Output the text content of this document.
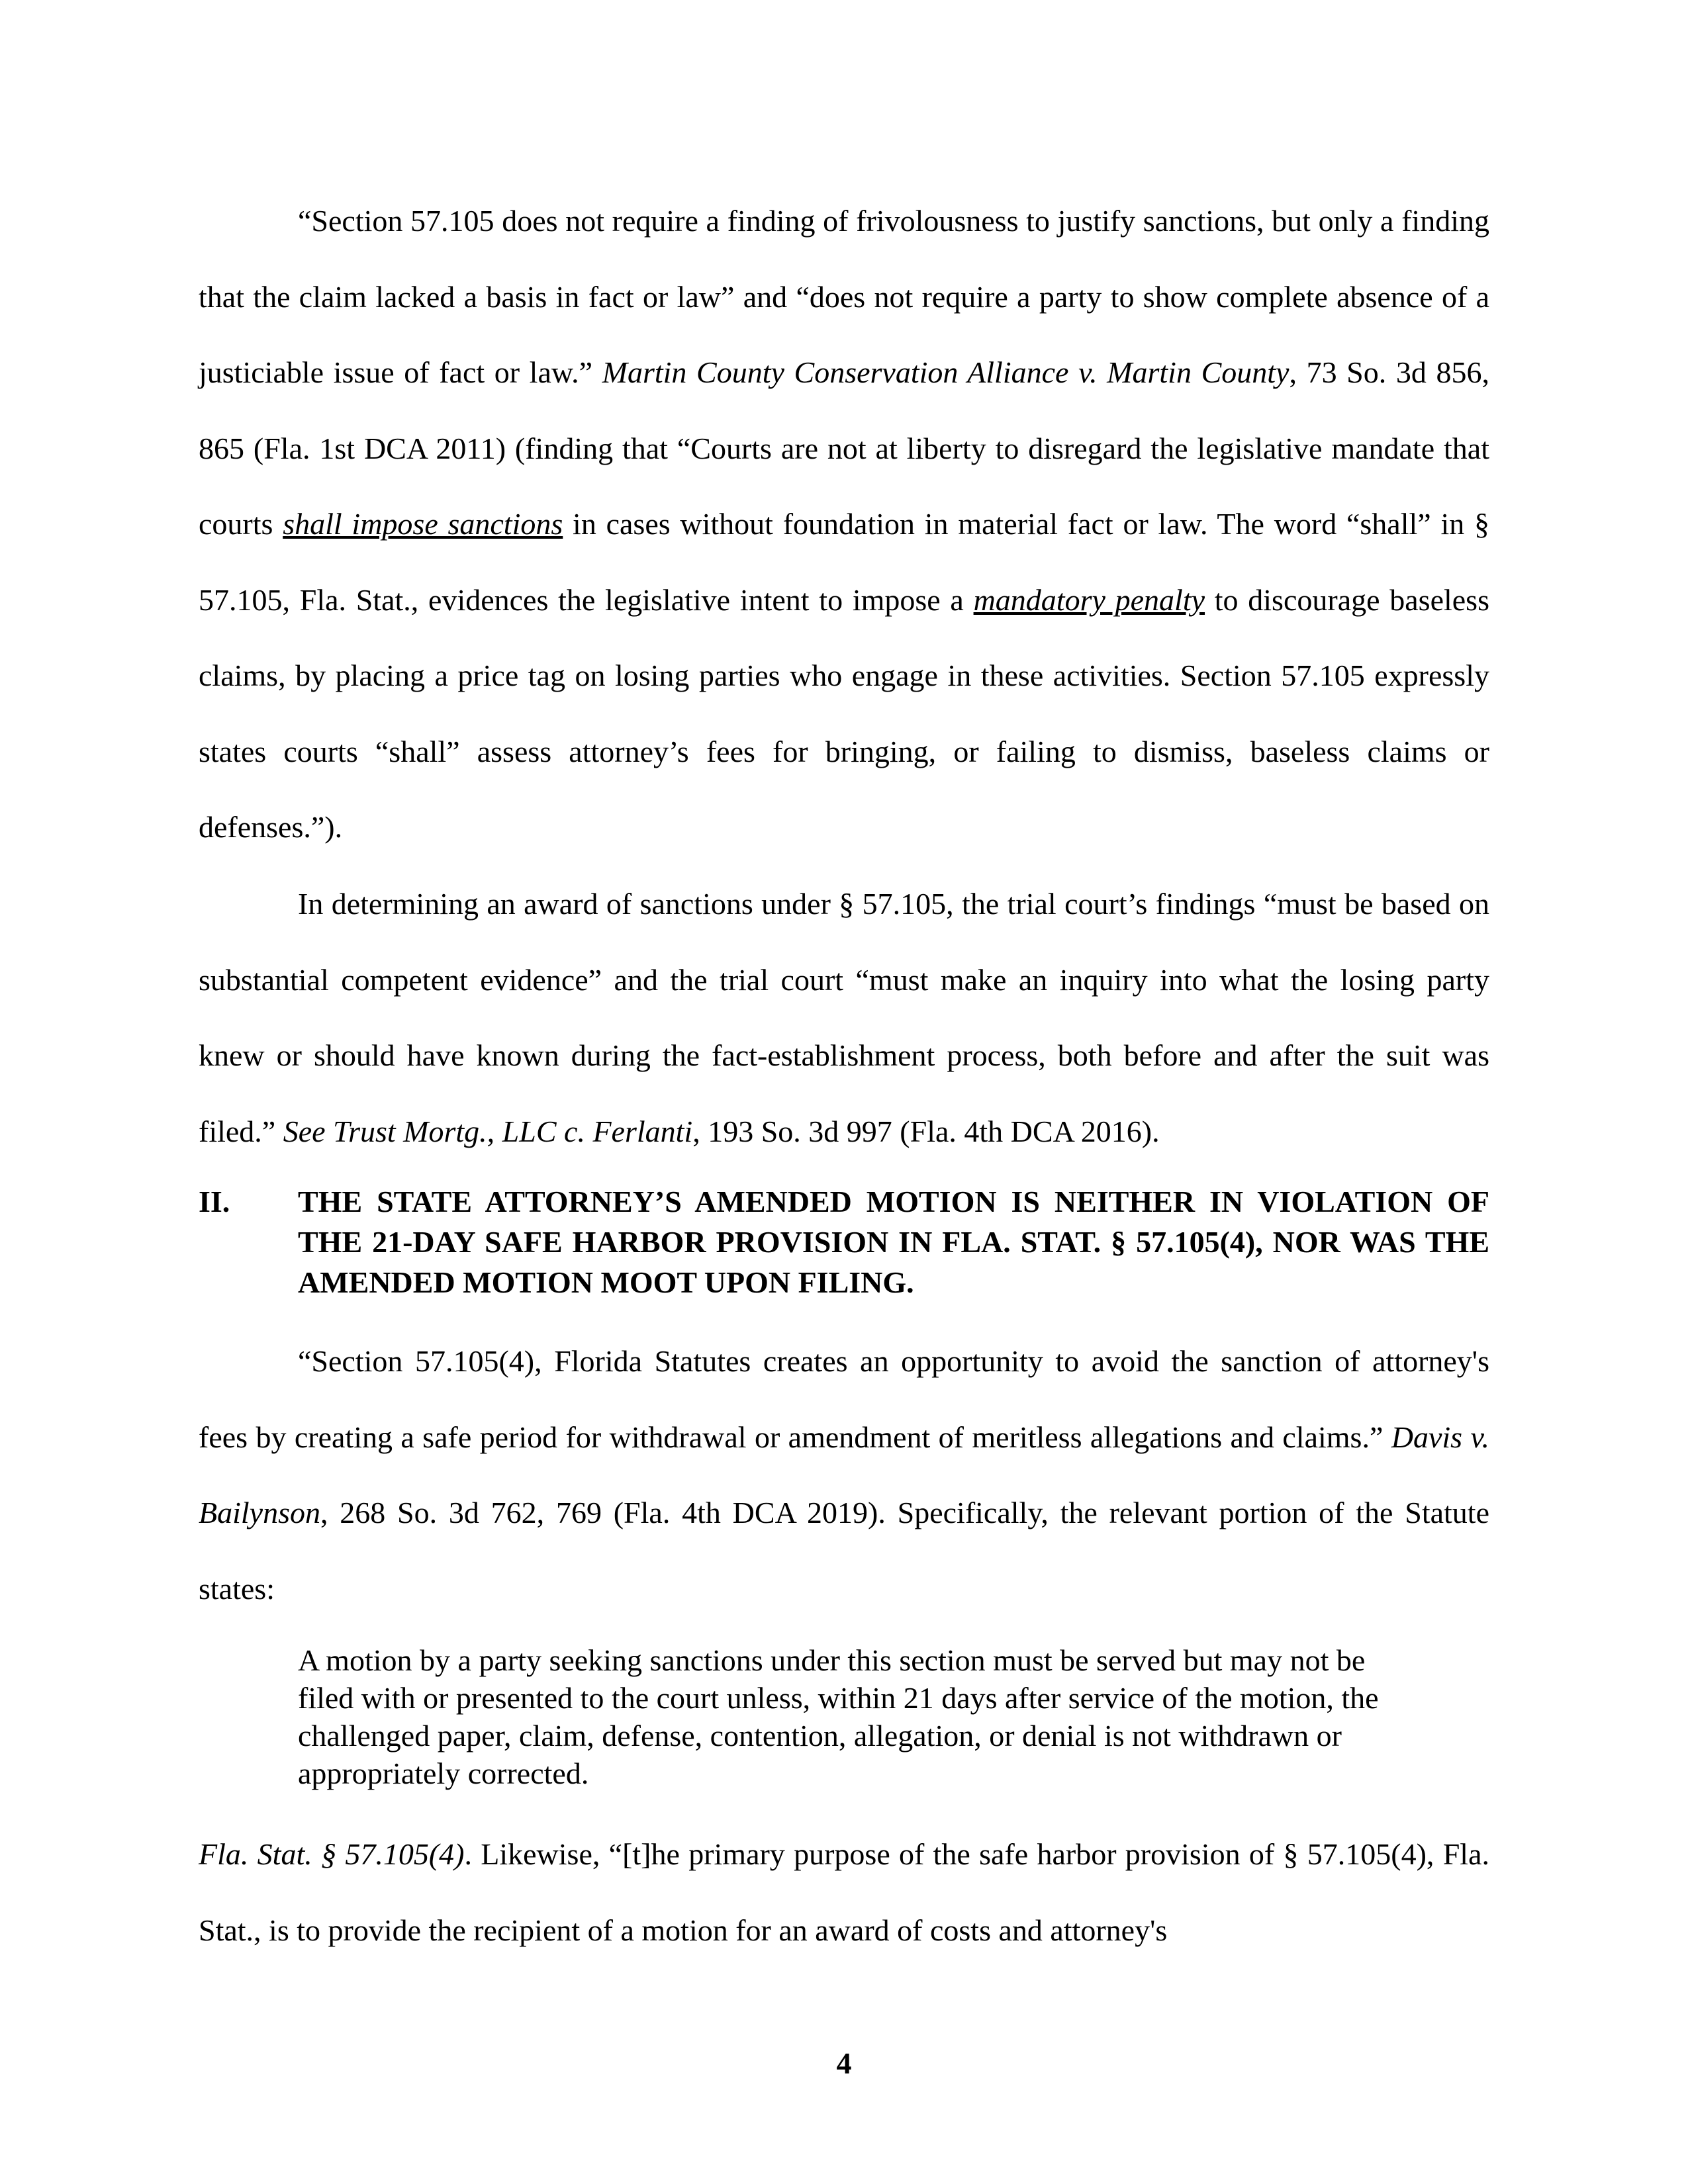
“Section 57.105 does not require a finding of frivolousness to justify sanctions, but only a finding that the claim lacked a basis in fact or law” and “does not require a party to show complete absence of a justiciable issue of fact or law.” Martin County Conservation Alliance v. Martin County, 73 So. 3d 856, 865 (Fla. 1st DCA 2011) (finding that “Courts are not at liberty to disregard the legislative mandate that courts shall impose sanctions in cases without foundation in material fact or law. The word “shall” in § 57.105, Fla. Stat., evidences the legislative intent to impose a mandatory penalty to discourage baseless claims, by placing a price tag on losing parties who engage in these activities. Section 57.105 expressly states courts “shall” assess attorney’s fees for bringing, or failing to dismiss, baseless claims or defenses.”).

In determining an award of sanctions under § 57.105, the trial court’s findings “must be based on substantial competent evidence” and the trial court “must make an inquiry into what the losing party knew or should have known during the fact-establishment process, both before and after the suit was filed.” See Trust Mortg., LLC c. Ferlanti, 193 So. 3d 997 (Fla. 4th DCA 2016).

II. THE STATE ATTORNEY’S AMENDED MOTION IS NEITHER IN VIOLATION OF THE 21-DAY SAFE HARBOR PROVISION IN FLA. STAT. § 57.105(4), NOR WAS THE AMENDED MOTION MOOT UPON FILING.

“Section 57.105(4), Florida Statutes creates an opportunity to avoid the sanction of attorney's fees by creating a safe period for withdrawal or amendment of meritless allegations and claims.” Davis v. Bailynson, 268 So. 3d 762, 769 (Fla. 4th DCA 2019). Specifically, the relevant portion of the Statute states:

A motion by a party seeking sanctions under this section must be served but may not be filed with or presented to the court unless, within 21 days after service of the motion, the challenged paper, claim, defense, contention, allegation, or denial is not withdrawn or appropriately corrected.

Fla. Stat. § 57.105(4). Likewise, “[t]he primary purpose of the safe harbor provision of § 57.105(4), Fla. Stat., is to provide the recipient of a motion for an award of costs and attorney's

4
